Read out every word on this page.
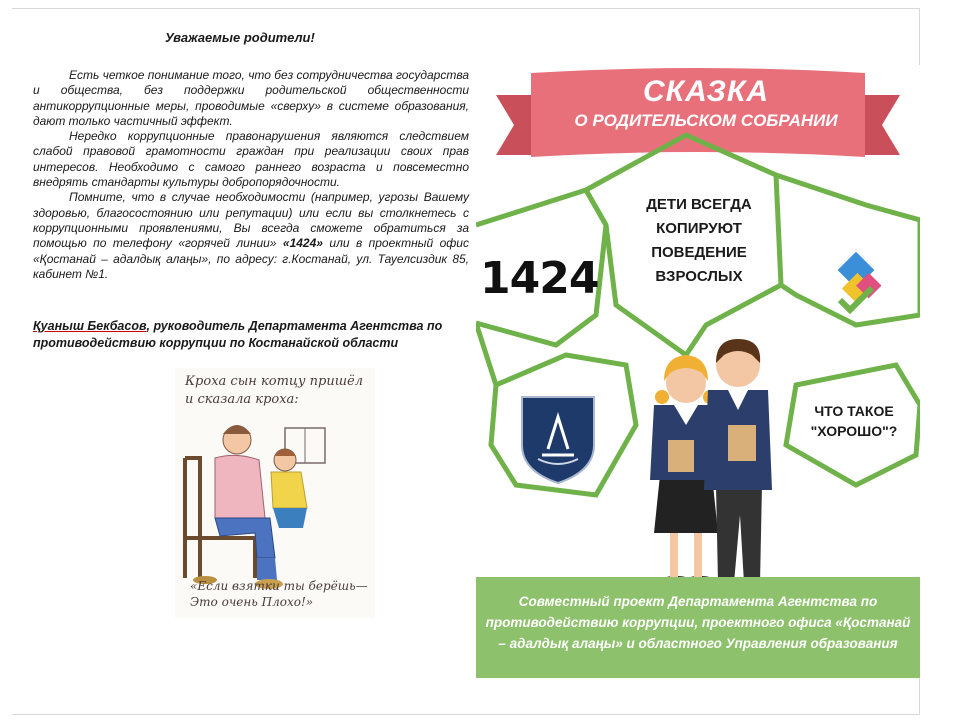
Уважаемые родители!

Есть четкое понимание того, что без сотрудничества государства и общества, без поддержки родительской общественности антикоррупционные меры, проводимые «сверху» в системе образования, дают только частичный эффект.

Нередко коррупционные правонарушения являются следствием слабой правовой грамотности граждан при реализации своих прав интересов. Необходимо с самого раннего возраста и повсеместно внедрять стандарты культуры добропорядочности.

Помните, что в случае необходимости (например, угрозы Вашему здоровью, благосостоянию или репутации) или если вы столкнетесь с коррупционными проявлениями, Вы всегда сможете обратиться за помощью по телефону «горячей линии» «1424» или в проектный офис «Қостанай – адалдық алаңы», по адресу: г.Костанай, ул. Тауелсиздик 85, кабинет №1.

Қуаныш Бекбасов, руководитель Департамента Агентства по противодействию коррупции по Костанайской области
Кроха сын котцу пришёл и сказала кроха:
«Если взятки ты берёшь— Это очень Плохо!»
СКАЗКА
О РОДИТЕЛЬСКОМ СОБРАНИИ
1424
ДЕТИ ВСЕГДА КОПИРУЮТ ПОВЕДЕНИЕ ВЗРОСЛЫХ
ЧТО ТАКОЕ "ХОРОШО"?
Совместный проект Департамента Агентства по противодействию коррупции, проектного офиса «Қостанай – адалдық алаңы» и областного Управления образования
